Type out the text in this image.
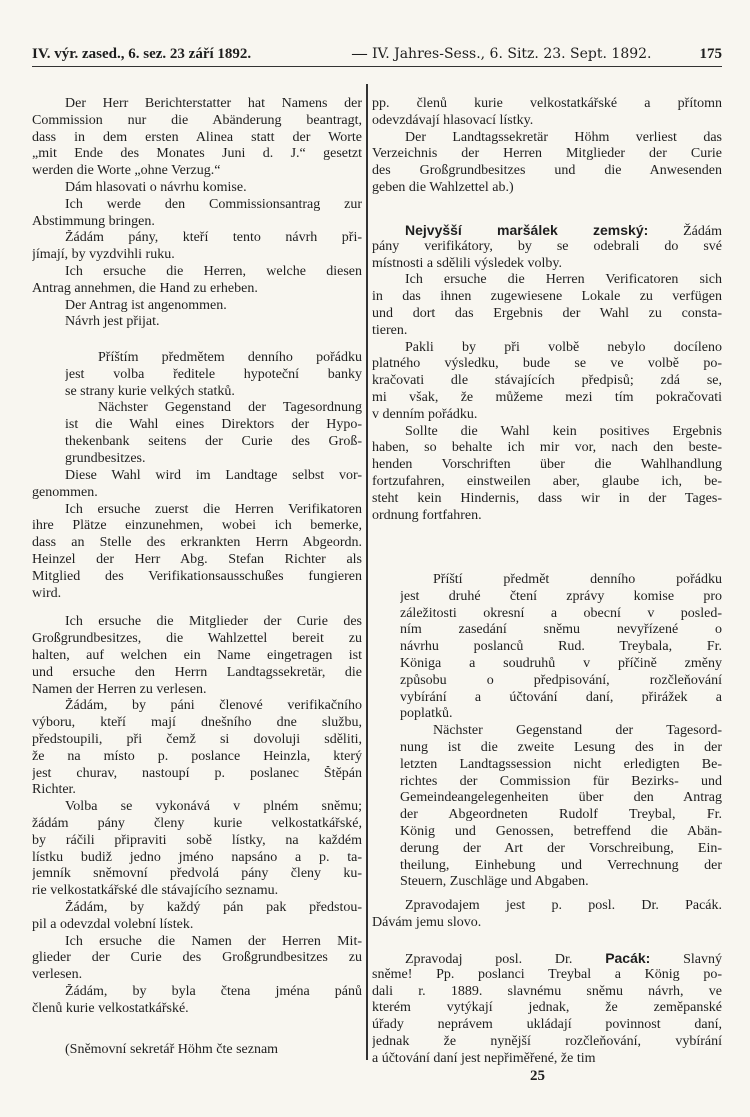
IV. výr. zased., 6. sez. 23 září 1892.	— IV. Jahres-Sess., 6. Sitz. 23. Sept. 1892.	175
Der Herr Berichterstatter hat Namens der
Commission nur die Abänderung beantragt,
dass in dem ersten Alinea statt der Worte
„mit Ende des Monates Juni d. J.“ gesetzt
werden die Worte „ohne Verzug.“
Dám hlasovati o návrhu komise.
Ich werde den Commissionsantrag zur
Abstimmung bringen.
Žádám pány, kteří tento návrh při-
jímají, by vyzdvihli ruku.
Ich ersuche die Herren, welche diesen
Antrag annehmen, die Hand zu erheben.
Der Antrag ist angenommen.
Návrh jest přijat.
Příštím předmětem denního pořádku
jest volba ředitele hypoteční banky
se strany kurie velkých statků.
Nächster Gegenstand der Tagesordnung
ist die Wahl eines Direktors der Hypo-
thekenbank seitens der Curie des Groß-
grundbesitzes.
Diese Wahl wird im Landtage selbst vor-
genommen.
Ich ersuche zuerst die Herren Verifikatoren
ihre Plätze einzunehmen, wobei ich bemerke,
dass an Stelle des erkrankten Herrn Abgeordn.
Heinzel der Herr Abg. Stefan Richter als
Mitglied des Verifikationsausschußes fungieren
wird.
Ich ersuche die Mitglieder der Curie des
Großgrundbesitzes, die Wahlzettel bereit zu
halten, auf welchen ein Name eingetragen ist
und ersuche den Herrn Landtagssekretär, die
Namen der Herren zu verlesen.
Žádám, by páni členové verifikačního
výboru, kteří mají dnešního dne službu,
předstoupili, při čemž si dovoluji sděliti,
že na místo p. poslance Heinzla, který
jest churav, nastoupí p. poslanec Štěpán
Richter.
Volba se vykonává v plném sněmu;
žádám pány členy kurie velkostatkářské,
by ráčili připraviti sobě lístky, na každém
lístku budiž jedno jméno napsáno a p. ta-
jemník sněmovní předvolá pány členy ku-
rie velkostatkářské dle stávajícího seznamu.
Žádám, by každý pán pak předstou-
pil a odevzdal volební lístek.
Ich ersuche die Namen der Herren Mit-
glieder der Curie des Großgrundbesitzes zu
verlesen.
Žádám, by byla čtena jména pánů
členů kurie velkostatkářské.
(Sněmovní sekretář Höhm čte seznam
pp. členů kurie velkostatkářské a přítomn
odevzdávají hlasovací lístky.
Der Landtagssekretär Höhm verliest das
Verzeichnis der Herren Mitglieder der Curie
des Großgrundbesitzes und die Anwesenden
geben die Wahlzettel ab.)
Nejvyšší maršálek zemský: Žádám
pány verifikátory, by se odebrali do své
místnosti a sdělili výsledek volby.
Ich ersuche die Herren Verificatoren sich
in das ihnen zugewiesene Lokale zu verfügen
und dort das Ergebnis der Wahl zu consta-
tieren.
Pakli by při volbě nebylo docíleno
platného výsledku, bude se ve volbě po-
kračovati dle stávajících předpisů; zdá se,
mi však, že můžeme mezi tím pokračovati
v denním pořádku.
Sollte die Wahl kein positives Ergebnis
haben, so behalte ich mir vor, nach den beste-
henden Vorschriften über die Wahlhandlung
fortzufahren, einstweilen aber, glaube ich, be-
steht kein Hindernis, dass wir in der Tages-
ordnung fortfahren.
Příští předmět denního pořádku
jest druhé čtení zprávy komise pro
záležitosti okresní a obecní v posled-
ním zasedání sněmu nevyřízené o
návrhu poslanců Rud. Treybala, Fr.
Königa a soudruhů v příčině změny
způsobu o předpisování, rozčleňování
vybírání a účtování daní, přirážek a
poplatků.
Nächster Gegenstand der Tagesord-
nung ist die zweite Lesung des in der
letzten Landtagssession nicht erledigten Be-
richtes der Commission für Bezirks- und
Gemeindeangelegenheiten über den Antrag
der Abgeordneten Rudolf Treybal, Fr.
König und Genossen, betreffend die Abän-
derung der Art der Vorschreibung, Ein-
theilung, Einhebung und Verrechnung der
Steuern, Zuschläge und Abgaben.
Zpravodajem jest p. posl. Dr. Pacák.
Dávám jemu slovo.
Zpravodaj posl. Dr. Pacák: Slavný
sněme! Pp. poslanci Treybal a König po-
dali r. 1889. slavnému sněmu návrh, ve
kterém vytýkají jednak, že zeměpanské
úřady neprávem ukládají povinnost daní,
jednak že nynější rozčleňování, vybírání
a účtování daní jest nepřiměřené, že tim
25
